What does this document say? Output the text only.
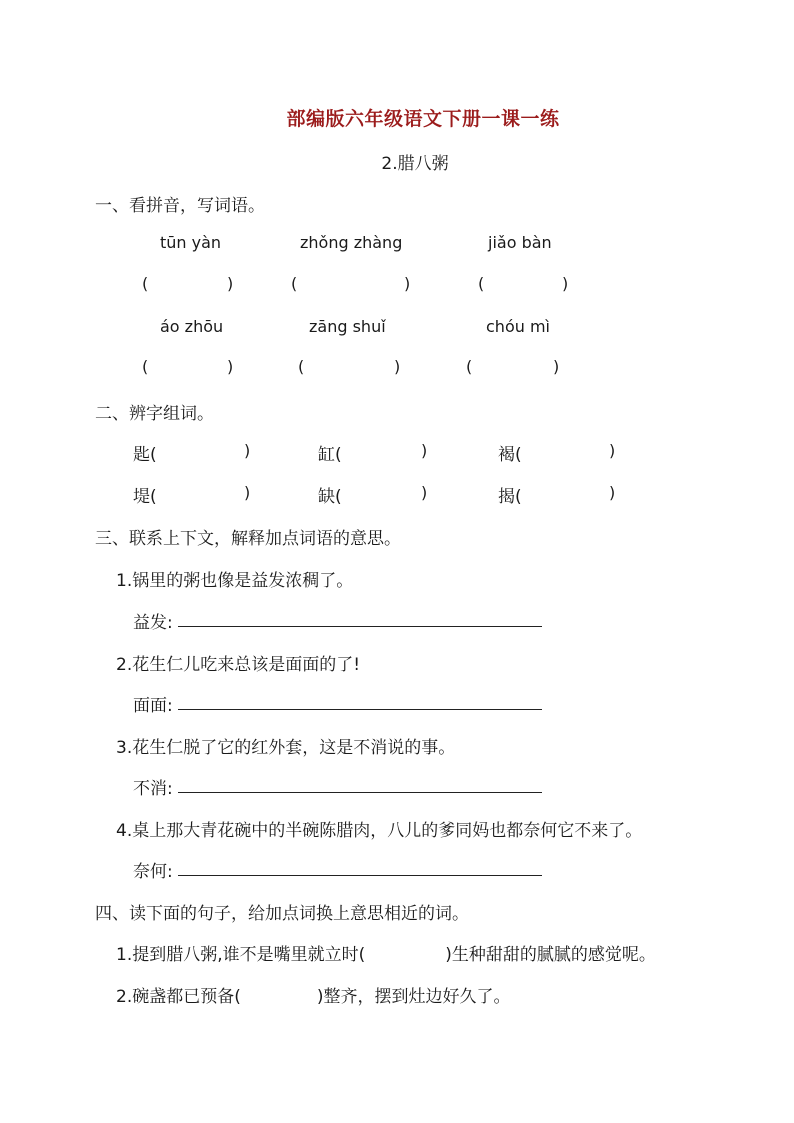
部编版六年级语文下册一课一练
2.腊八粥
一、看拼音，写词语。
tūn yàn	zhǒng zhàng	jiǎo bàn
(	)	(	)	(	)
áo zhōu	zāng shuǐ	chóu mì
(	)	(	)	(	)
二、辨字组词。
匙(	)	缸(	)	褐(	)
堤(	)	缺(	)	揭(	)
三、联系上下文，解释加点词语的意思。
1.锅里的粥也像是益发浓稠了。
益发:
2.花生仁儿吃来总该是面面的了!
面面:
3.花生仁脱了它的红外套，这是不消说的事。
不消:
4.桌上那大青花碗中的半碗陈腊肉，八儿的爹同妈也都奈何它不来了。
奈何:
四、读下面的句子，给加点词换上意思相近的词。
1.提到腊八粥,谁不是嘴里就立时(	)生种甜甜的腻腻的感觉呢。
2.碗盏都已预备(	)整齐，摆到灶边好久了。
